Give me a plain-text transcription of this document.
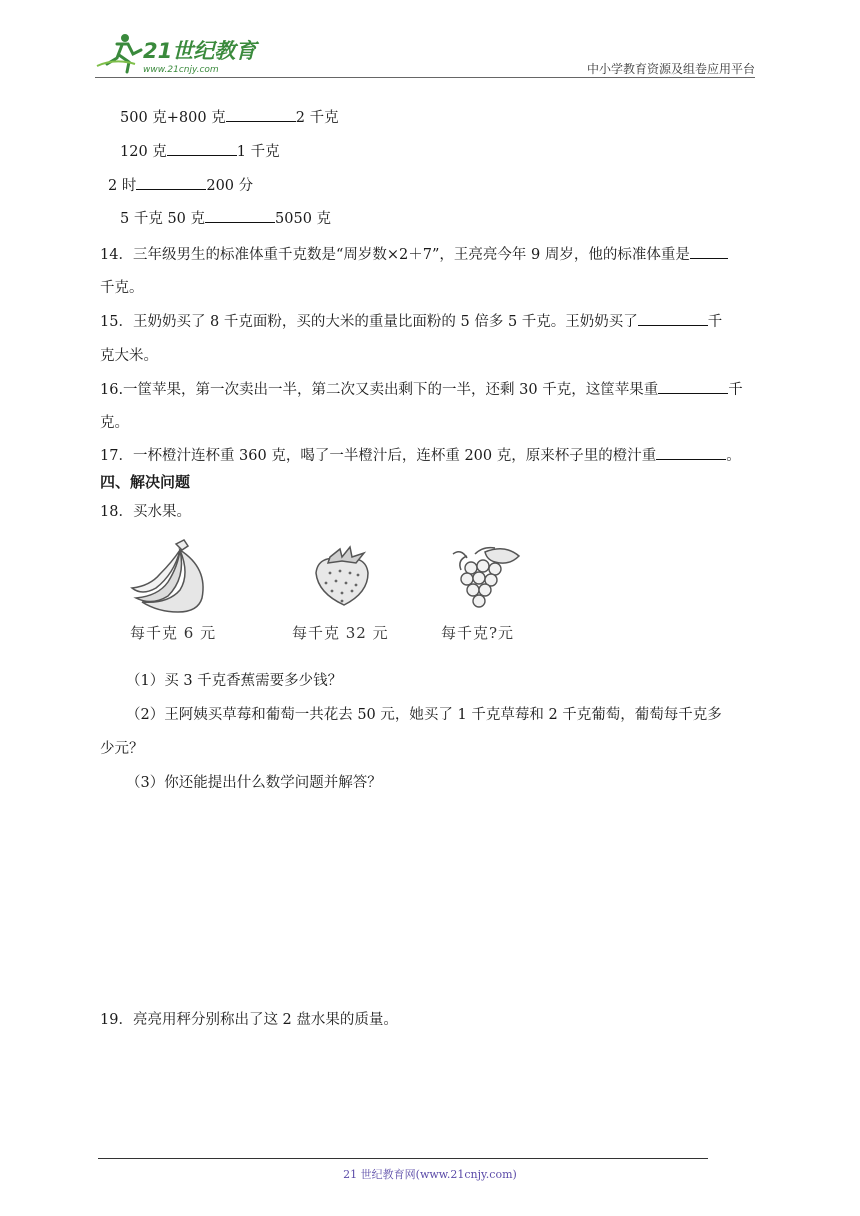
21世纪教育
www.21cnjy.com	中小学教育资源及组卷应用平台
500 克+800 克	2 千克
120 克	1 千克
2 时	200 分
5 千克 50 克	5050 克
14．三年级男生的标准体重千克数是“周岁数×2＋7”，王亮亮今年 9 周岁，他的标准体重是
千克。
15．王奶奶买了 8 千克面粉，买的大米的重量比面粉的 5 倍多 5 千克。王奶奶买了	千
克大米。
16.一筐苹果，第一次卖出一半，第二次又卖出剩下的一半，还剩 30 千克，这筐苹果重	千
克。
17．一杯橙汁连杯重 360 克，喝了一半橙汁后，连杯重 200 克，原来杯子里的橙汁重	。
四、解决问题
18．买水果。
每千克 6 元	每千克 32 元	每千克?元
（1）买 3 千克香蕉需要多少钱？
（2）王阿姨买草莓和葡萄一共花去 50 元，她买了 1 千克草莓和 2 千克葡萄，葡萄每千克多
少元？
（3）你还能提出什么数学问题并解答？
19．亮亮用秤分别称出了这 2 盘水果的质量。
21 世纪教育网(www.21cnjy.com)
